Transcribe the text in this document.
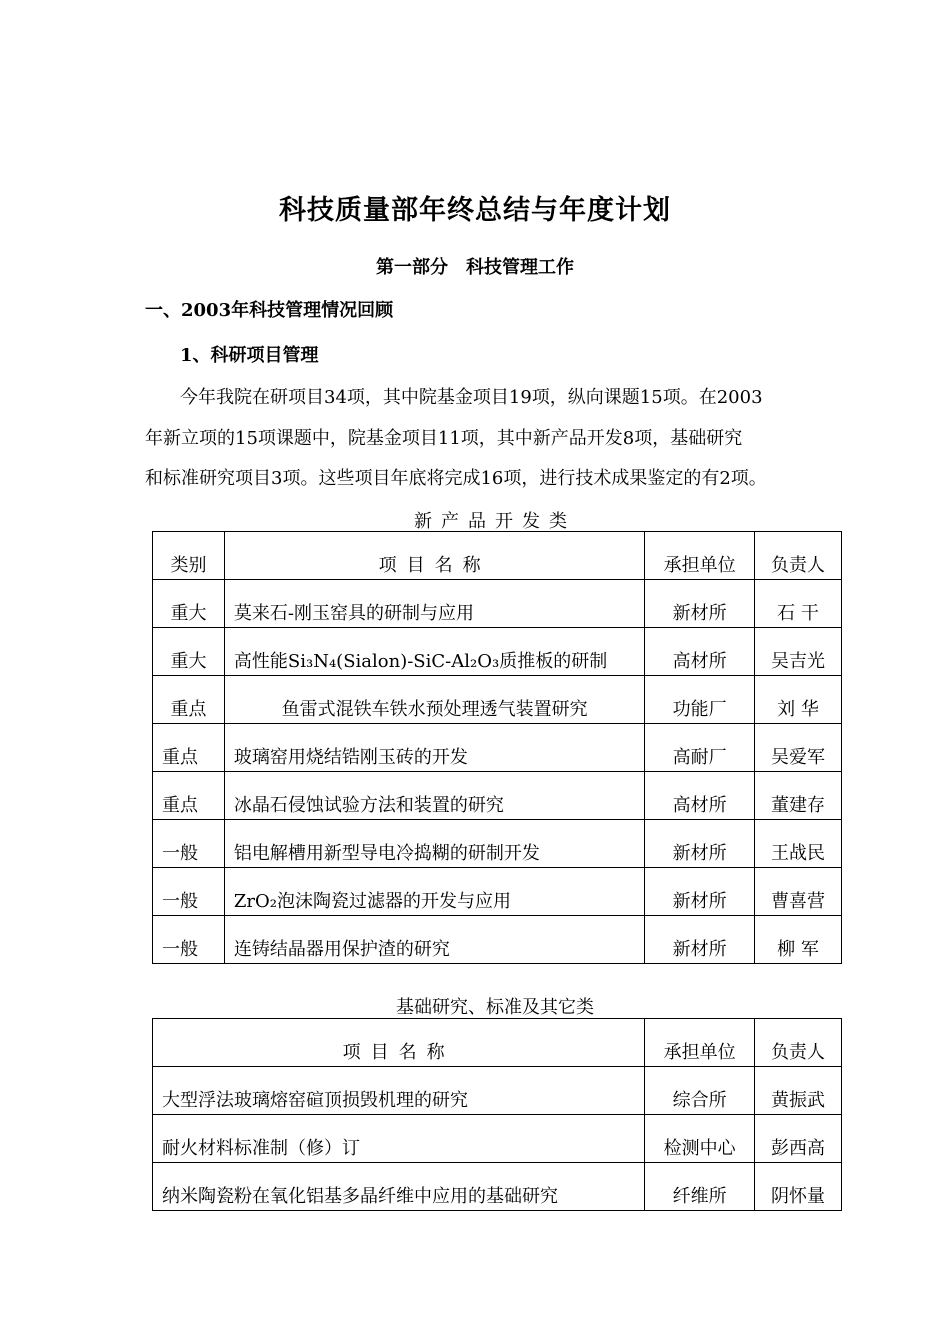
科技质量部年终总结与年度计划
第一部分　科技管理工作
一、2003年科技管理情况回顾
1、科研项目管理
今年我院在研项目34项，其中院基金项目19项，纵向课题15项。在2003
年新立项的15项课题中，院基金项目11项，其中新产品开发8项，基础研究
和标准研究项目3项。这些项目年底将完成16项，进行技术成果鉴定的有2项。
新产品开发类
类别	项目名称	承担单位	负责人
重大	莫来石-刚玉窑具的研制与应用	新材所	石 干
重大	高性能Si₃N₄(Sialon)-SiC-Al₂O₃质推板的研制	高材所	吴吉光
重点	鱼雷式混铁车铁水预处理透气装置研究	功能厂	刘 华
重点	玻璃窑用烧结锆刚玉砖的开发	高耐厂	吴爱军
重点	冰晶石侵蚀试验方法和装置的研究	高材所	董建存
一般	铝电解槽用新型导电冷捣糊的研制开发	新材所	王战民
一般	ZrO₂泡沫陶瓷过滤器的开发与应用	新材所	曹喜营
一般	连铸结晶器用保护渣的研究	新材所	柳 军
基础研究、标准及其它类
项目名称	承担单位	负责人
大型浮法玻璃熔窑碹顶损毁机理的研究	综合所	黄振武
耐火材料标准制（修）订	检测中心	彭西高
纳米陶瓷粉在氧化铝基多晶纤维中应用的基础研究	纤维所	阴怀量
